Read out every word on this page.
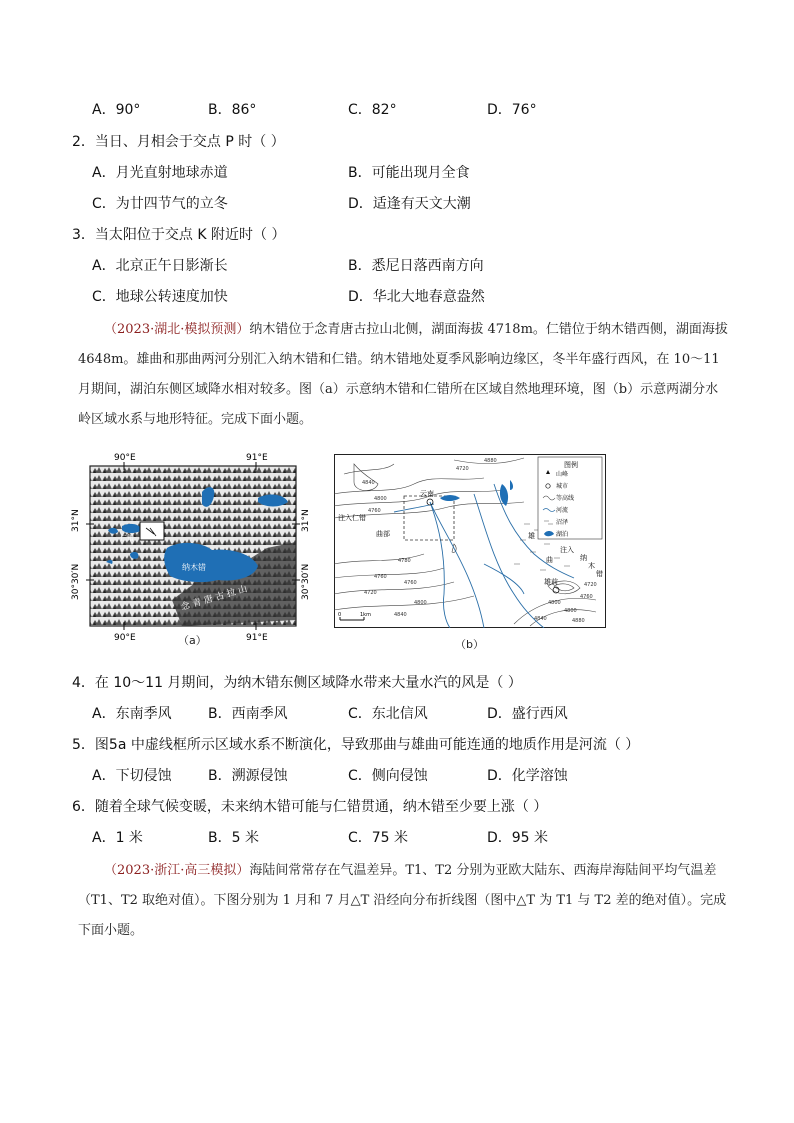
A．90°	B．86°	C．82°	D．76°
2．当日、月相会于交点 P 时（ ）
A．月光直射地球赤道	B．可能出现月全食
C．为廿四节气的立冬	D．适逢有天文大潮
3．当太阳位于交点 K 附近时（ ）
A．北京正午日影渐长	B．悉尼日落西南方向
C．地球公转速度加快	D．华北大地春意盎然
（2023·湖北·模拟预测）纳木错位于念青唐古拉山北侧，湖面海拔 4718m。仁错位于纳木错西侧，湖面海拔 4648m。雄曲和那曲两河分别汇入纳木错和仁错。纳木错地处夏季风影响边缘区，冬半年盛行西风，在 10～11 月期间，湖泊东侧区域降水相对较多。图（a）示意纳木错和仁错所在区域自然地理环境，图（b）示意两湖分水岭区域水系与地形特征。完成下面小题。
90°E	91°E
90°E	91°E
31°N
30°30′N
31°N
30°30′N
纳木错
仁错
念 青 唐 古 拉 山
（a）
图例
山峰
城市
等高线
河流
沼泽
湖泊
云南
注入仁错
曲部	雄
曲
注入
纳
木
错
雄前
4840
4800
4760
4720
4880
4780
4760
4720
4760
4800
4840
4800
4760
4720
4840	4880
4800
0	1km
（b）
4．在 10～11 月期间，为纳木错东侧区域降水带来大量水汽的风是（ ）
A．东南季风	B．西南季风	C．东北信风	D．盛行西风
5．图5a 中虚线框所示区域水系不断演化，导致那曲与雄曲可能连通的地质作用是河流（ ）
A．下切侵蚀	B．溯源侵蚀	C．侧向侵蚀	D．化学溶蚀
6．随着全球气候变暖，未来纳木错可能与仁错贯通，纳木错至少要上涨（ ）
A．1 米	B．5 米	C．75 米	D．95 米
（2023·浙江·高三模拟）海陆间常常存在气温差异。T1、T2 分别为亚欧大陆东、西海岸海陆间平均气温差（T1、T2 取绝对值）。下图分别为 1 月和 7 月△T 沿经向分布折线图（图中△T 为 T1 与 T2 差的绝对值）。完成下面小题。
